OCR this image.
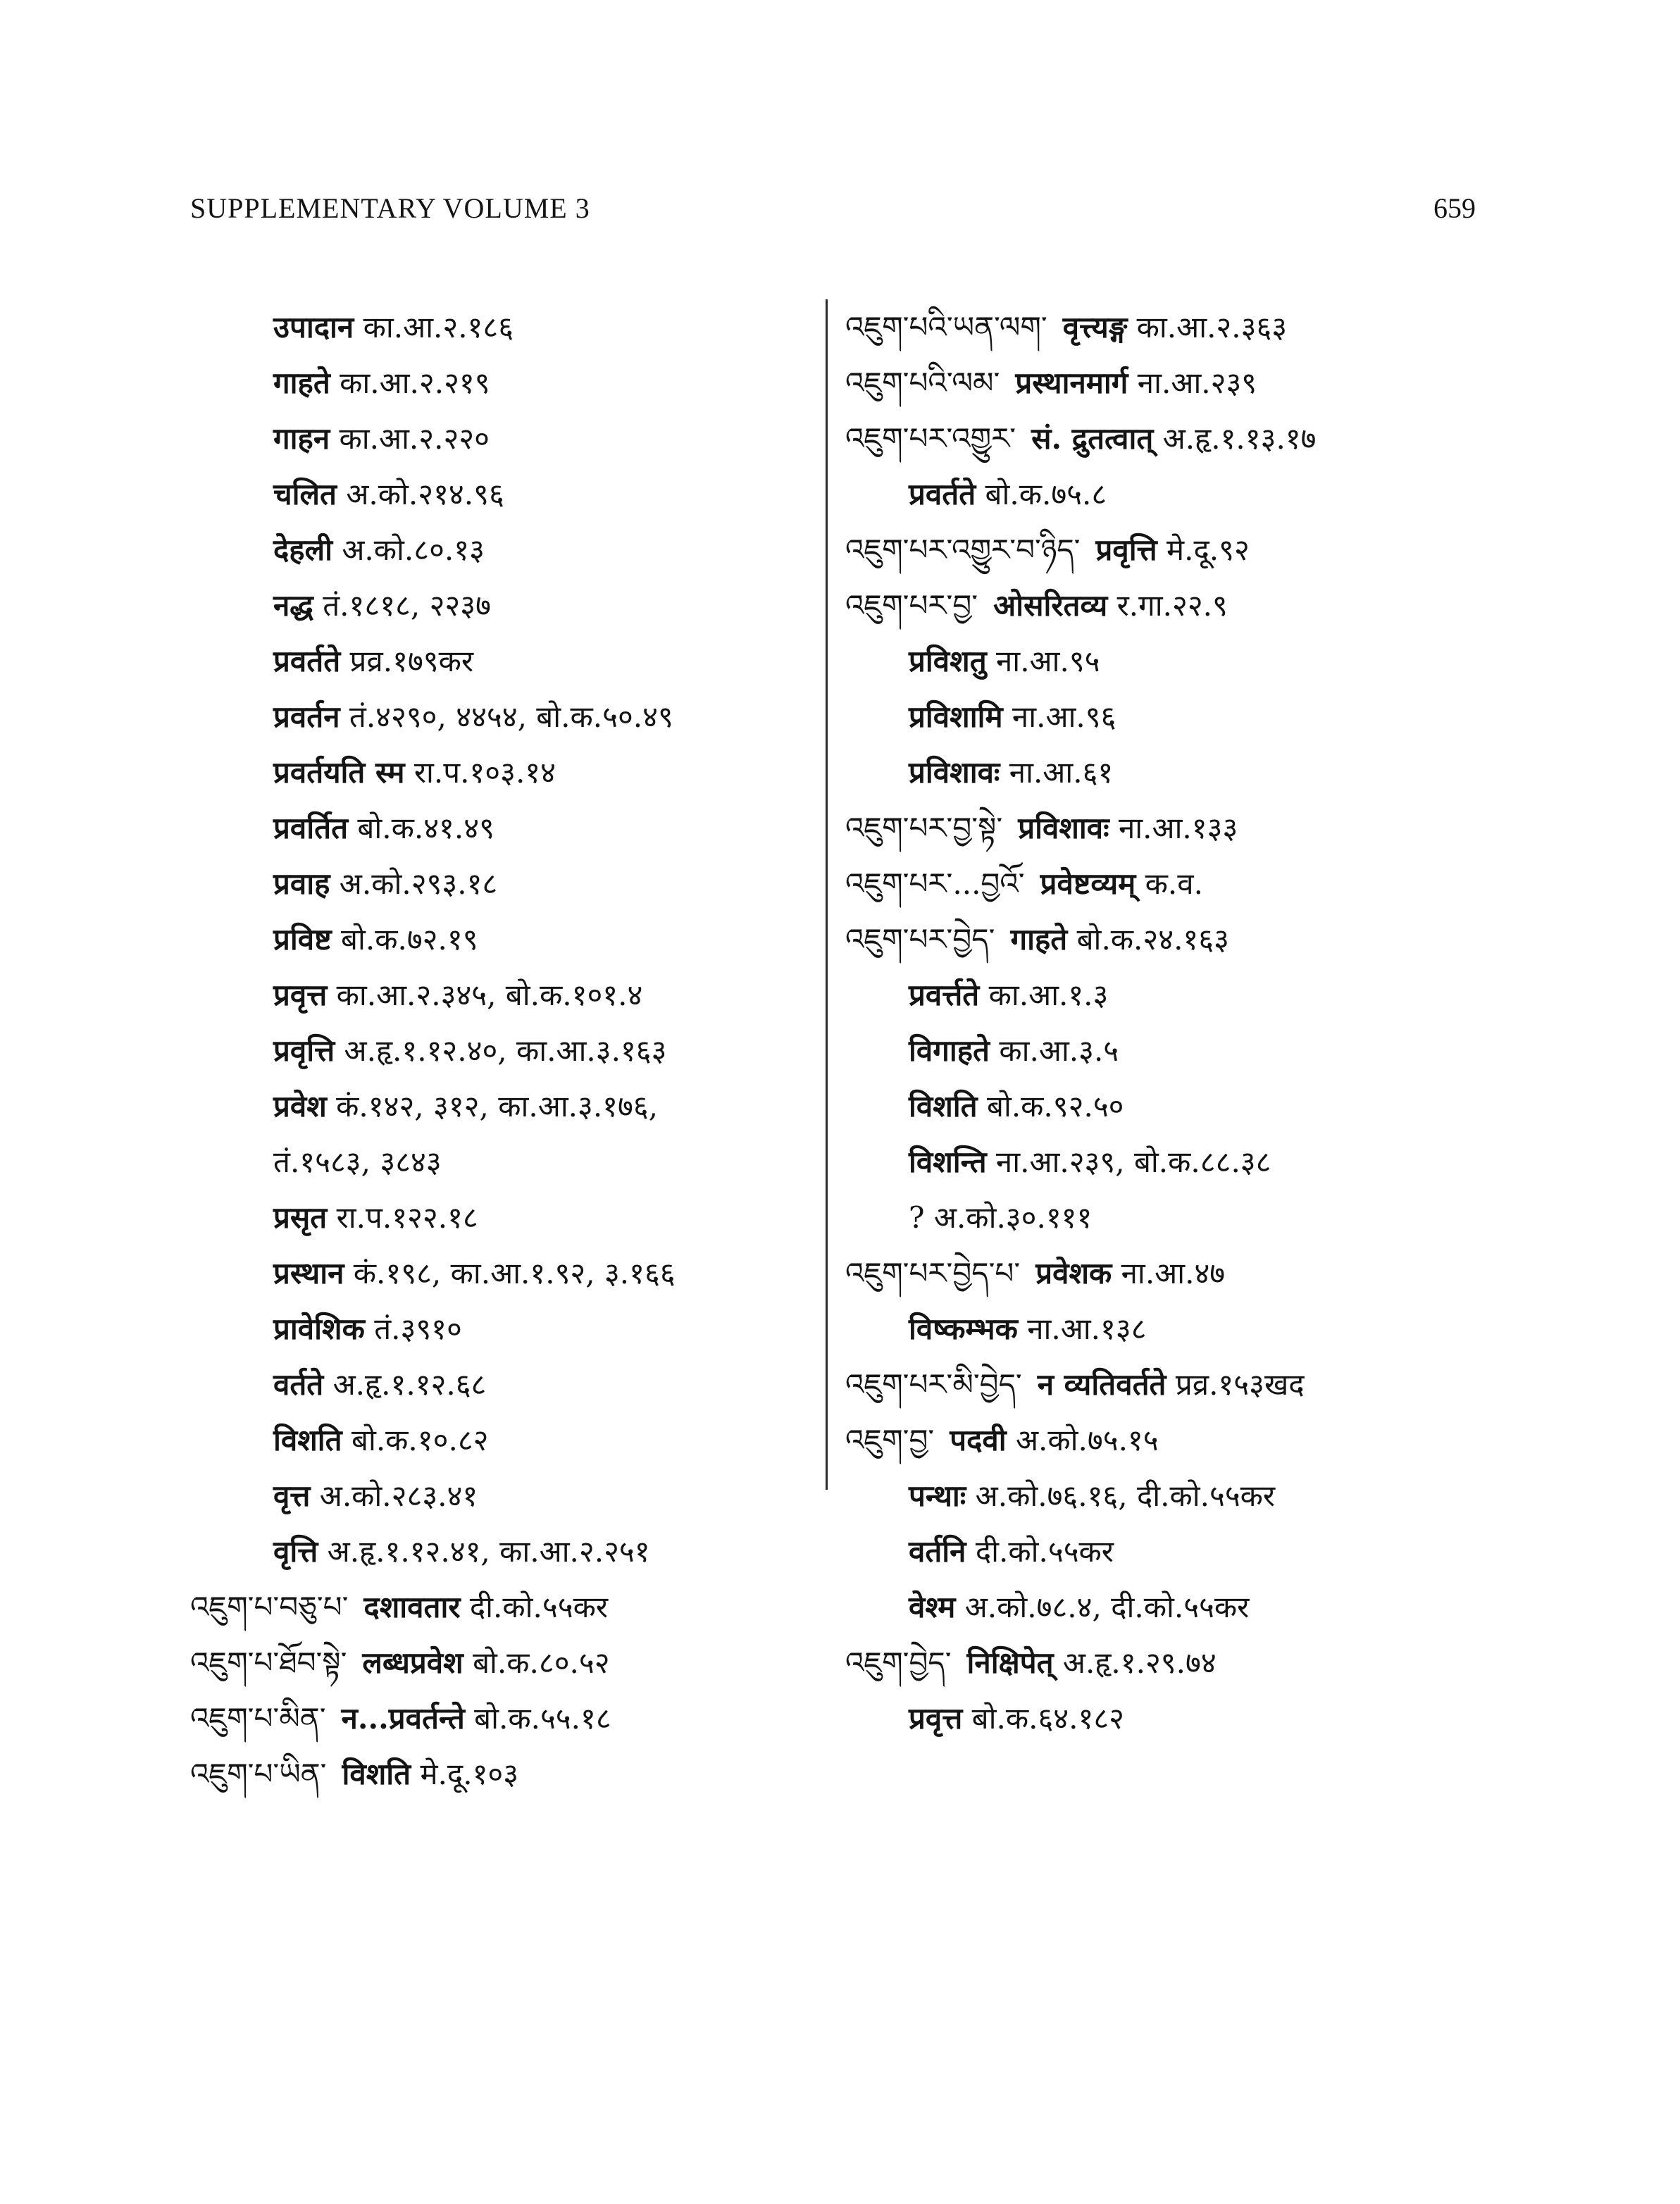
SUPPLEMENTARY VOLUME 3	659
उपादान का.आ.२.१८६
गाहते का.आ.२.२१९
गाहन का.आ.२.२२०
चलित अ.को.२१४.९६
देहली अ.को.८०.१३
नद्ध तं.१८१८, २२३७
प्रवर्तते प्रव्र.१७९कर
प्रवर्तन तं.४२९०, ४४५४, बो.क.५०.४९
प्रवर्तयति स्म रा.प.१०३.१४
प्रवर्तित बो.क.४१.४९
प्रवाह अ.को.२९३.१८
प्रविष्ट बो.क.७२.१९
प्रवृत्त का.आ.२.३४५, बो.क.१०१.४
प्रवृत्ति अ.हृ.१.१२.४०, का.आ.३.१६३
प्रवेश कं.१४२, ३१२, का.आ.३.१७६,
तं.१५८३, ३८४३
प्रसृत रा.प.१२२.१८
प्रस्थान कं.१९८, का.आ.१.९२, ३.१६६
प्रावेशिक तं.३९१०
वर्तते अ.हृ.१.१२.६८
विशति बो.क.१०.८२
वृत्त अ.को.२८३.४१
वृत्ति अ.हृ.१.१२.४१, का.आ.२.२५१
འཇུག་པ་བཅུ་པ་ दशावतार दी.को.५५कर
འཇུག་པ་ཐོབ་སྟེ་ लब्धप्रवेश बो.क.८०.५२
འཇུག་པ་མིན་ न...प्रवर्तन्ते बो.क.५५.१८
འཇུག་པ་ཡིན་ विशति मे.दू.१०३
འཇུག་པའི་ཡན་ལག་ वृत्त्यङ्ग का.आ.२.३६३
འཇུག་པའི་ལམ་ प्रस्थानमार्ग ना.आ.२३९
འཇུག་པར་འགྱུར་ सं. द्रुतत्वात् अ.हृ.१.१३.१७
प्रवर्तते बो.क.७५.८
འཇུག་པར་འགྱུར་བ་ཉིད་ प्रवृत्ति मे.दू.९२
འཇུག་པར་བྱ་ ओसरितव्य र.गा.२२.९
प्रविशतु ना.आ.९५
प्रविशामि ना.आ.९६
प्रविशावः ना.आ.६१
འཇུག་པར་བྱ་སྟེ་ प्रविशावः ना.आ.१३३
འཇུག་པར་...བྱའོ་ प्रवेष्टव्यम् क.व.
འཇུག་པར་བྱེད་ गाहते बो.क.२४.१६३
प्रवर्त्तते का.आ.१.३
विगाहते का.आ.३.५
विशति बो.क.९२.५०
विशन्ति ना.आ.२३९, बो.क.८८.३८
? अ.को.३०.१११
འཇུག་པར་བྱེད་པ་ प्रवेशक ना.आ.४७
विष्कम्भक ना.आ.१३८
འཇུག་པར་མི་བྱེད་ न व्यतिवर्तते प्रव्र.१५३खद
འཇུག་བྱ་ पदवी अ.को.७५.१५
पन्थाः अ.को.७६.१६, दी.को.५५कर
वर्तनि दी.को.५५कर
वेश्म अ.को.७८.४, दी.को.५५कर
འཇུག་བྱེད་ निक्षिपेत् अ.हृ.१.२९.७४
प्रवृत्त बो.क.६४.१८२
